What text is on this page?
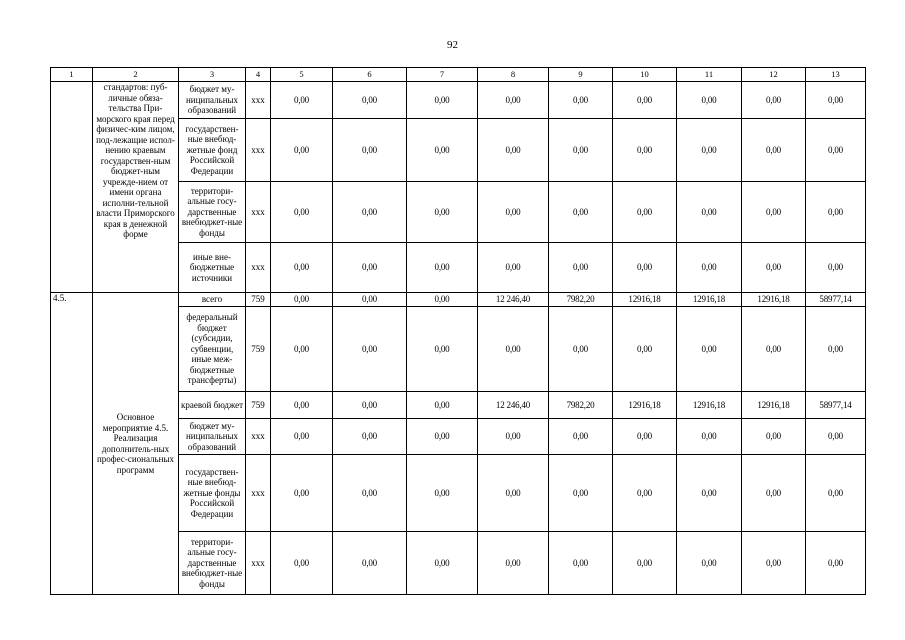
92
1	2	3	4	5	6	7	8	9	10	11	12	13
	стандартов: пуб-личные обяза-тельства При-морского края перед физичес-ким лицом, под-лежащие испол-нению краевым государствен-ным бюджет-ным учрежде-нием от имени органа исполни-тельной власти Приморского края в денежной форме	бюджет му-ниципальных образований	ххх	0,00	0,00	0,00	0,00	0,00	0,00	0,00	0,00	0,00
		государствен-ные внебюд-жетные фонд Российской Федерации	ххх	0,00	0,00	0,00	0,00	0,00	0,00	0,00	0,00	0,00
		территори-альные госу-дарственные внебюджет-ные фонды	ххх	0,00	0,00	0,00	0,00	0,00	0,00	0,00	0,00	0,00
		иные вне-бюджетные источники	ххх	0,00	0,00	0,00	0,00	0,00	0,00	0,00	0,00	0,00
4.5.	Основное мероприятие 4.5. Реализация дополнитель-ных профес-сиональных программ	всего	759	0,00	0,00	0,00	12 246,40	7982,20	12916,18	12916,18	12916,18	58977,14
		федеральный бюджет (субсидии, субвенции, иные меж-бюджетные трансферты)	759	0,00	0,00	0,00	0,00	0,00	0,00	0,00	0,00	0,00
		краевой бюджет	759	0,00	0,00	0,00	12 246,40	7982,20	12916,18	12916,18	12916,18	58977,14
		бюджет му-ниципальных образований	ххх	0,00	0,00	0,00	0,00	0,00	0,00	0,00	0,00	0,00
		государствен-ные внебюд-жетные фонды Российской Федерации	ххх	0,00	0,00	0,00	0,00	0,00	0,00	0,00	0,00	0,00
		территори-альные госу-дарственные внебюджет-ные фонды	ххх	0,00	0,00	0,00	0,00	0,00	0,00	0,00	0,00	0,00
